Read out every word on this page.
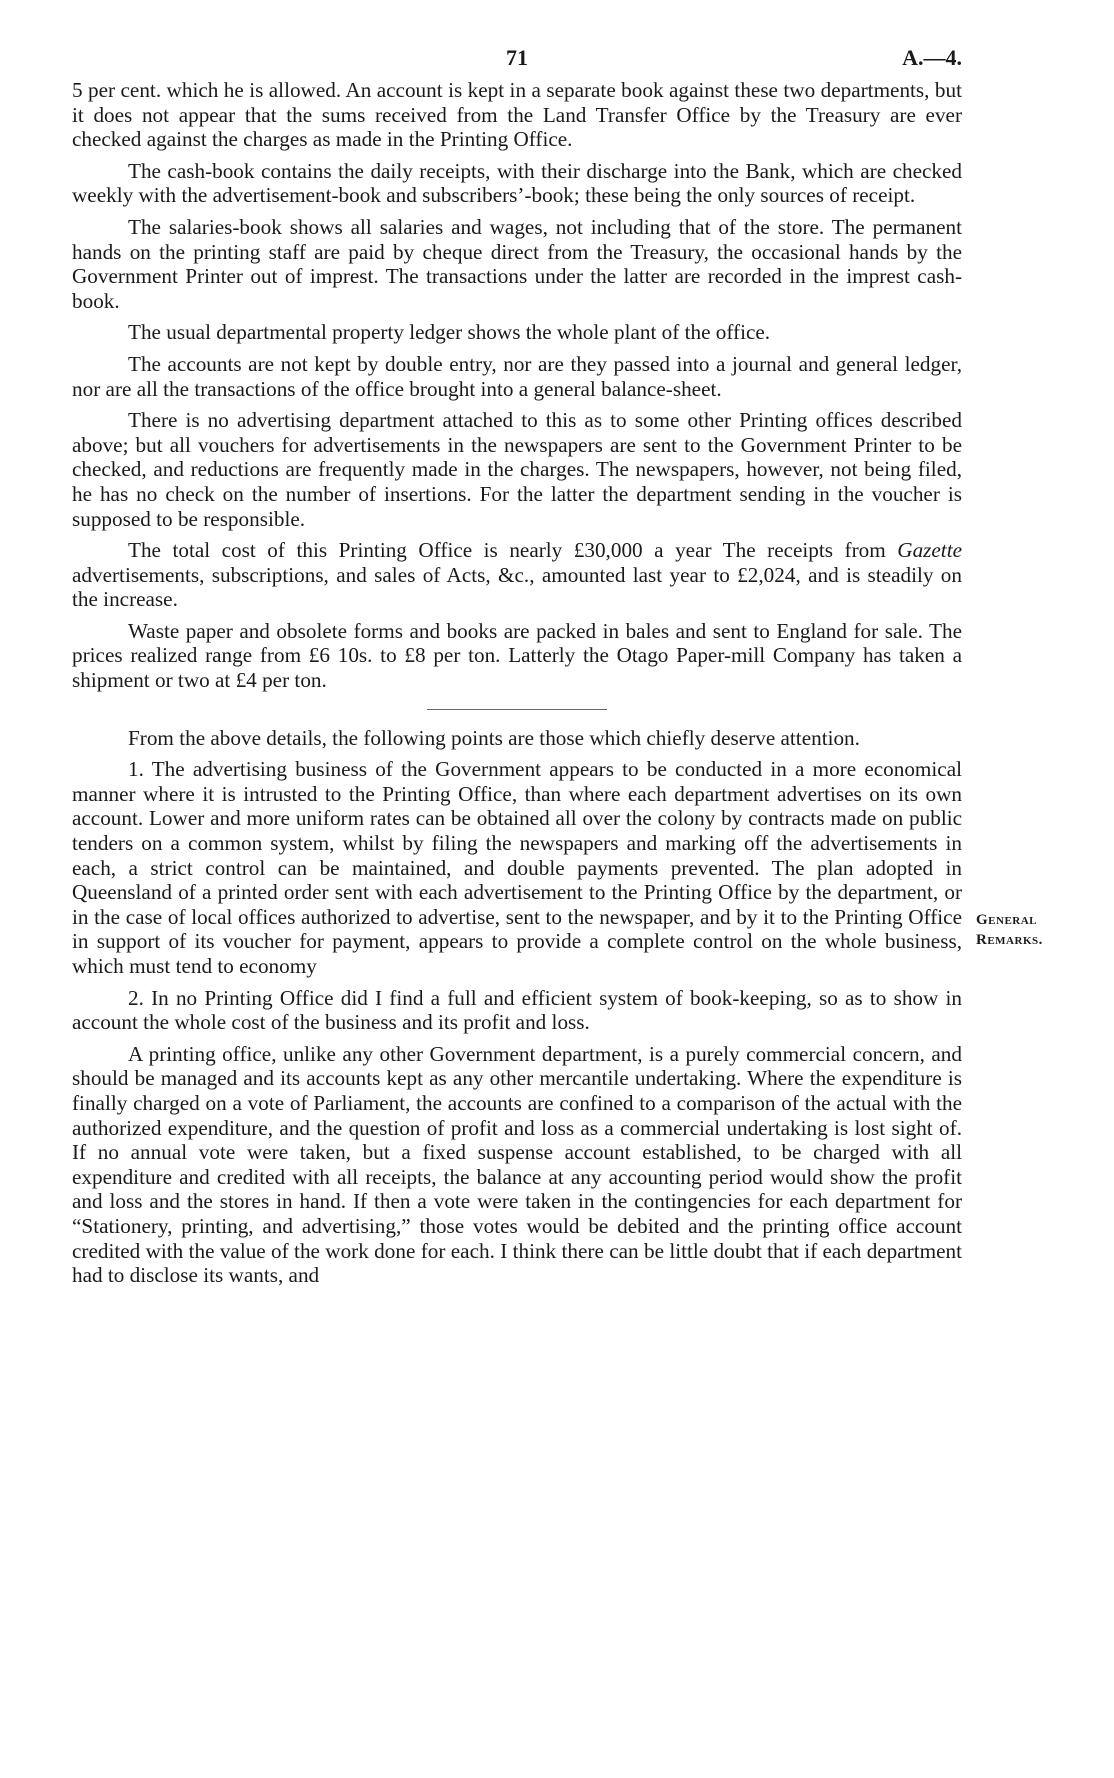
General
Remarks.
71	A.—4.

5 per cent. which he is allowed. An account is kept in a separate book against these two departments, but it does not appear that the sums received from the Land Transfer Office by the Treasury are ever checked against the charges as made in the Printing Office.

The cash-book contains the daily receipts, with their discharge into the Bank, which are checked weekly with the advertisement-book and subscribers’-book; these being the only sources of receipt.

The salaries-book shows all salaries and wages, not including that of the store. The permanent hands on the printing staff are paid by cheque direct from the Treasury, the occasional hands by the Government Printer out of imprest. The transactions under the latter are recorded in the imprest cash-book.

The usual departmental property ledger shows the whole plant of the office.

The accounts are not kept by double entry, nor are they passed into a journal and general ledger, nor are all the transactions of the office brought into a general balance-sheet.

There is no advertising department attached to this as to some other Printing offices described above; but all vouchers for advertisements in the newspapers are sent to the Government Printer to be checked, and reductions are frequently made in the charges. The newspapers, however, not being filed, he has no check on the number of insertions. For the latter the department sending in the voucher is supposed to be responsible.

The total cost of this Printing Office is nearly £30,000 a year The receipts from Gazette advertisements, subscriptions, and sales of Acts, &c., amounted last year to £2,024, and is steadily on the increase.

Waste paper and obsolete forms and books are packed in bales and sent to England for sale. The prices realized range from £6 10s. to £8 per ton. Latterly the Otago Paper-mill Company has taken a shipment or two at £4 per ton.

From the above details, the following points are those which chiefly deserve attention.

1. The advertising business of the Government appears to be conducted in a more economical manner where it is intrusted to the Printing Office, than where each department advertises on its own account. Lower and more uniform rates can be obtained all over the colony by contracts made on public tenders on a common system, whilst by filing the newspapers and marking off the advertisements in each, a strict control can be maintained, and double payments prevented. The plan adopted in Queensland of a printed order sent with each advertisement to the Printing Office by the department, or in the case of local offices authorized to advertise, sent to the newspaper, and by it to the Printing Office in support of its voucher for payment, appears to provide a complete control on the whole business, which must tend to economy

2. In no Printing Office did I find a full and efficient system of book-keeping, so as to show in account the whole cost of the business and its profit and loss.

A printing office, unlike any other Government department, is a purely commercial concern, and should be managed and its accounts kept as any other mercantile undertaking. Where the expenditure is finally charged on a vote of Parliament, the accounts are confined to a comparison of the actual with the authorized expenditure, and the question of profit and loss as a commercial undertaking is lost sight of. If no annual vote were taken, but a fixed suspense account established, to be charged with all expenditure and credited with all receipts, the balance at any accounting period would show the profit and loss and the stores in hand. If then a vote were taken in the contingencies for each department for “Stationery, printing, and advertising,” those votes would be debited and the printing office account credited with the value of the work done for each. I think there can be little doubt that if each department had to disclose its wants, and
